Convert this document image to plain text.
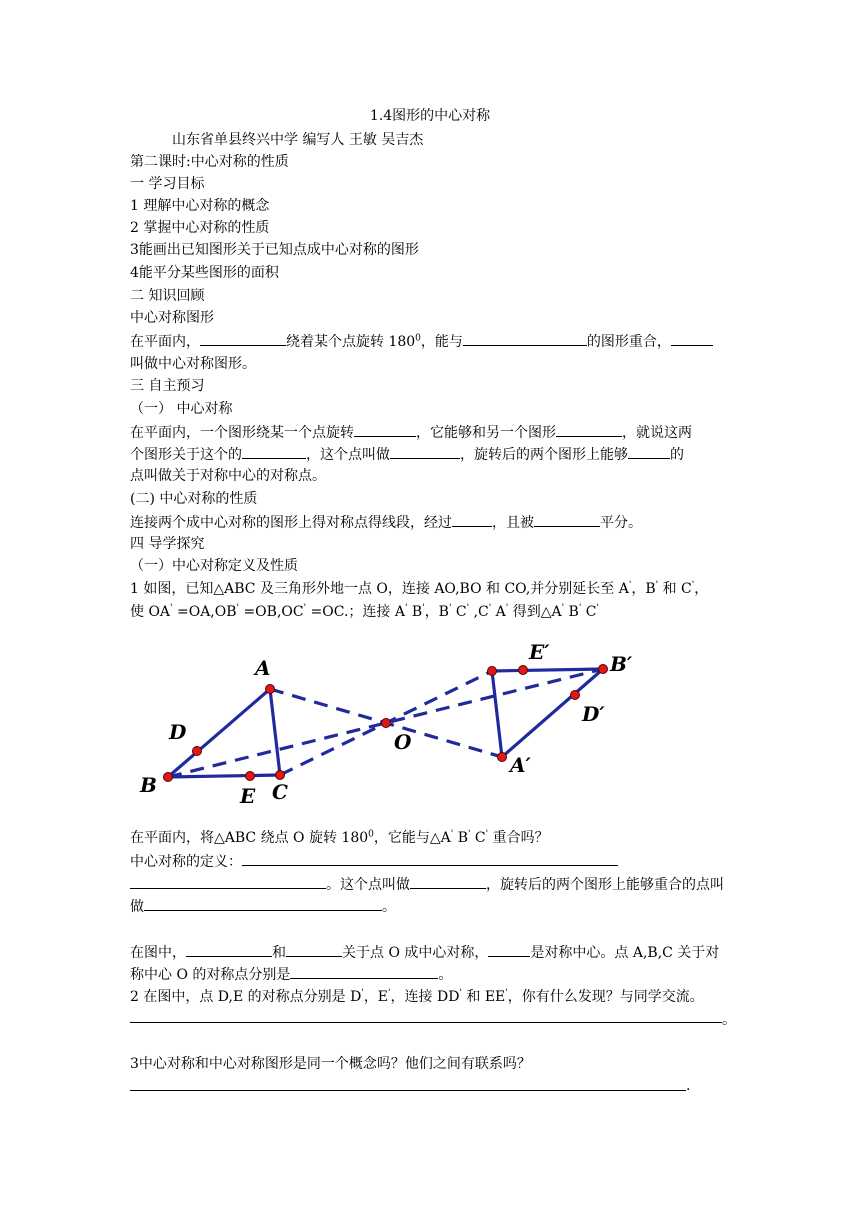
1.4图形的中心对称
山东省单县终兴中学 编写人 王敏 吴吉杰
第二课时:中心对称的性质
一 学习目标
1 理解中心对称的概念
2 掌握中心对称的性质
3能画出已知图形关于已知点成中心对称的图形
4能平分某些图形的面积
二 知识回顾
中心对称图形
在平面内，	绕着某个点旋转 $180^0$，能与	的图形重合，
叫做中心对称图形。
三 自主预习
（一） 中心对称
在平面内，一个图形绕某一个点旋转	，它能够和另一个图形	，就说这两
个图形关于这个的	，这个点叫做	，旋转后的两个图形上能够	的
点叫做关于对称中心的对称点。
(二) 中心对称的性质
连接两个成中心对称的图形上得对称点得线段，经过	，且被	平分。
四 导学探究
（一）中心对称定义及性质
1 如图，已知△ABC 及三角形外地一点 O，连接 AO,BO 和 CO,并分别延长至 A'，B' 和 C'，
使 OA' =OA,OB' =OB,OC' =OC.；连接 A' B'，B' C' ,C' A' 得到△A' B' C'
A
B	C
D
E
O
A′
B′
D′
E′
在平面内，将△ABC 绕点 O 旋转 $180^0$，它能与△A' B' C' 重合吗？
中心对称的定义：
。这个点叫做	，旋转后的两个图形上能够重合的点叫
做	。
在图中，	和	关于点 O 成中心对称，	是对称中心。点 A,B,C 关于对
称中心 O 的对称点分别是	。
2 在图中，点 D,E 的对称点分别是 D'，E'，连接 DD' 和 EE'，你有什么发现？与同学交流。
。
3中心对称和中心对称图形是同一个概念吗？他们之间有联系吗？
.
